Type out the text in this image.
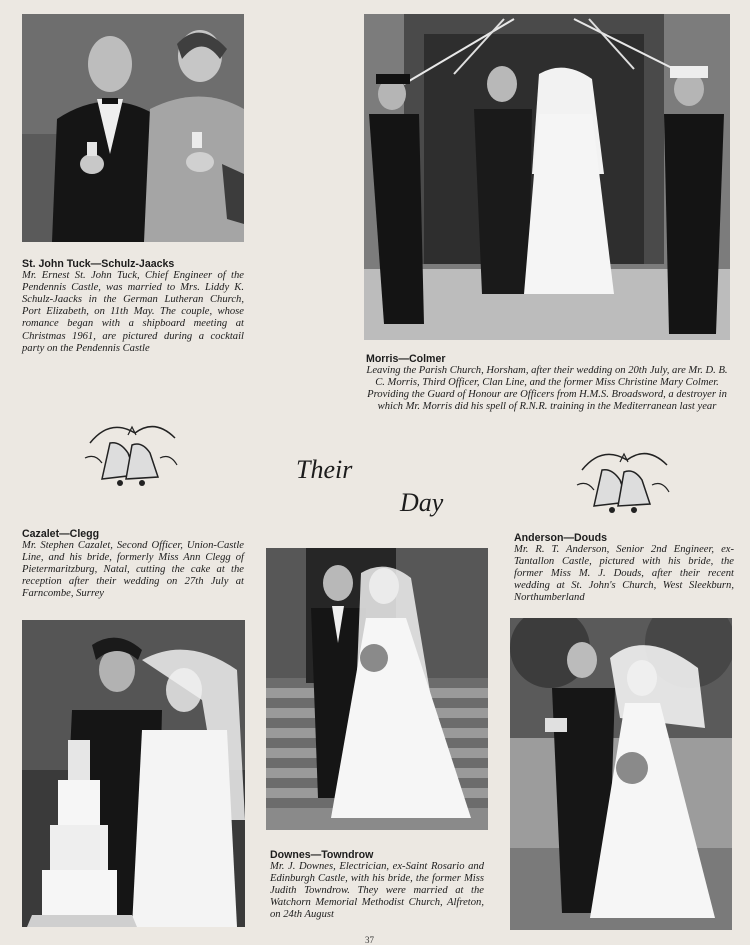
St. John Tuck—Schulz-Jaacks
Mr. Ernest St. John Tuck, Chief Engineer of the Pendennis Castle, was married to Mrs. Liddy K. Schulz-Jaacks in the German Lutheran Church, Port Elizabeth, on 11th May. The couple, whose romance began with a shipboard meeting at Christmas 1961, are pictured during a cocktail party on the Pendennis Castle
Morris—Colmer
Leaving the Parish Church, Horsham, after their wedding on 20th July, are Mr. D. B. C. Morris, Third Officer, Clan Line, and the former Miss Christine Mary Colmer. Providing the Guard of Honour are Officers from H.M.S. Broadsword, a destroyer in which Mr. Morris did his spell of R.N.R. training in the Mediterranean last year
Their
Day
Cazalet—Clegg
Mr. Stephen Cazalet, Second Officer, Union-Castle Line, and his bride, formerly Miss Ann Clegg of Pietermaritzburg, Natal, cutting the cake at the reception after their wedding on 27th July at Farncombe, Surrey
Anderson—Douds
Mr. R. T. Anderson, Senior 2nd Engineer, ex-Tantallon Castle, pictured with his bride, the former Miss M. J. Douds, after their recent wedding at St. John's Church, West Sleekburn, Northumberland
Downes—Towndrow
Mr. J. Downes, Electrician, ex-Saint Rosario and Edinburgh Castle, with his bride, the former Miss Judith Towndrow. They were married at the Watchorn Memorial Methodist Church, Alfreton, on 24th August
37
